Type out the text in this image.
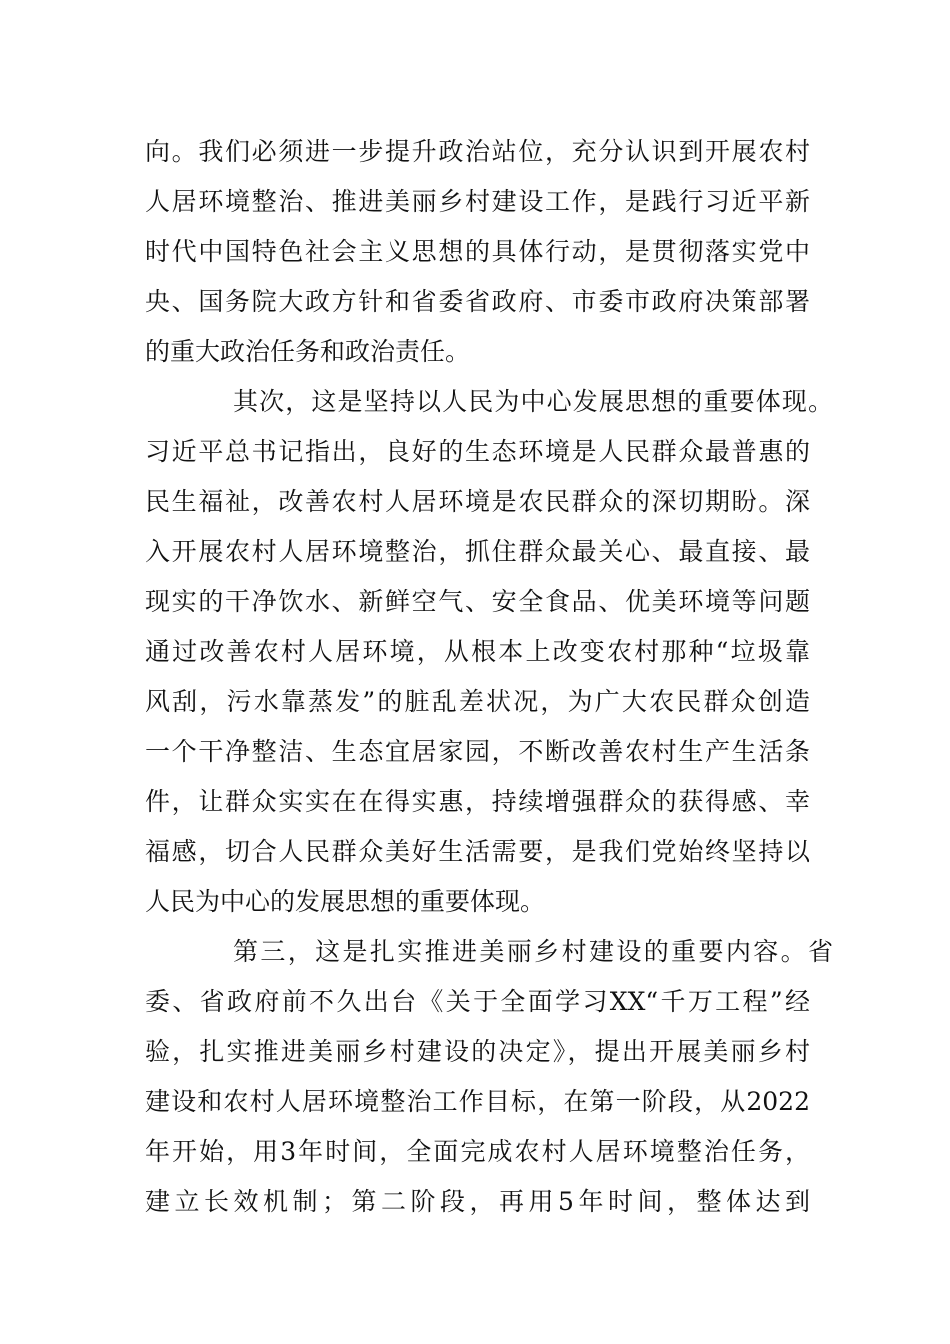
向。我们必须进一步提升政治站位，充分认识到开展农村
人居环境整治、推进美丽乡村建设工作，是践行习近平新
时代中国特色社会主义思想的具体行动，是贯彻落实党中
央、国务院大政方针和省委省政府、市委市政府决策部署
的重大政治任务和政治责任。
其次，这是坚持以人民为中心发展思想的重要体现。
习近平总书记指出，良好的生态环境是人民群众最普惠的
民生福祉，改善农村人居环境是农民群众的深切期盼。深
入开展农村人居环境整治，抓住群众最关心、最直接、最
现实的干净饮水、新鲜空气、安全食品、优美环境等问题
通过改善农村人居环境，从根本上改变农村那种“垃圾靠
风刮，污水靠蒸发”的脏乱差状况，为广大农民群众创造
一个干净整洁、生态宜居家园，不断改善农村生产生活条
件，让群众实实在在得实惠，持续增强群众的获得感、幸
福感，切合人民群众美好生活需要，是我们党始终坚持以
人民为中心的发展思想的重要体现。
第三，这是扎实推进美丽乡村建设的重要内容。省
委、省政府前不久出台《关于全面学习XX“千万工程”经
验，扎实推进美丽乡村建设的决定》，提出开展美丽乡村
建设和农村人居环境整治工作目标，在第一阶段，从2022
年开始，用3年时间，全面完成农村人居环境整治任务，
建立长效机制；第二阶段，再用5年时间，整体达到
